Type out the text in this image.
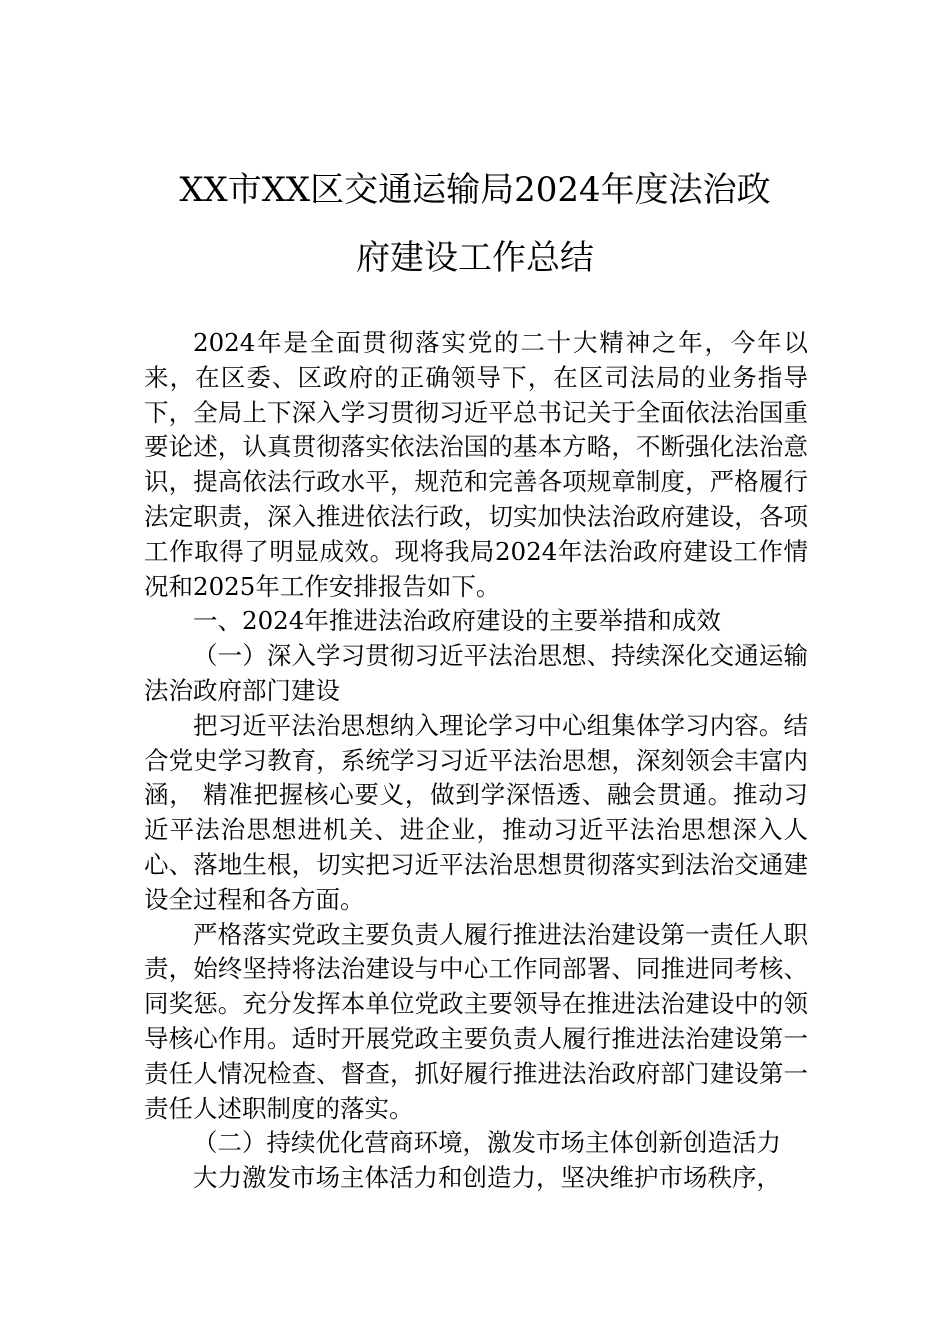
XX市XX区交通运输局2024年度法治政
府建设工作总结

2024年是全面贯彻落实党的二十大精神之年，今年以来，在区委、区政府的正确领导下，在区司法局的业务指导下，全局上下深入学习贯彻习近平总书记关于全面依法治国重要论述，认真贯彻落实依法治国的基本方略，不断强化法治意识，提高依法行政水平，规范和完善各项规章制度，严格履行法定职责，深入推进依法行政，切实加快法治政府建设，各项工作取得了明显成效。现将我局2024年法治政府建设工作情况和2025年工作安排报告如下。

一、2024年推进法治政府建设的主要举措和成效

（一）深入学习贯彻习近平法治思想、持续深化交通运输法治政府部门建设

把习近平法治思想纳入理论学习中心组集体学习内容。结合党史学习教育，系统学习习近平法治思想，深刻领会丰富内涵， 精准把握核心要义，做到学深悟透、融会贯通。推动习近平法治思想进机关、进企业，推动习近平法治思想深入人心、落地生根，切实把习近平法治思想贯彻落实到法治交通建设全过程和各方面。

严格落实党政主要负责人履行推进法治建设第一责任人职责，始终坚持将法治建设与中心工作同部署、同推进同考核、同奖惩。充分发挥本单位党政主要领导在推进法治建设中的领导核心作用。适时开展党政主要负责人履行推进法治建设第一责任人情况检查、督查，抓好履行推进法治政府部门建设第一责任人述职制度的落实。

（二）持续优化营商环境，激发市场主体创新创造活力

大力激发市场主体活力和创造力，坚决维护市场秩序，
